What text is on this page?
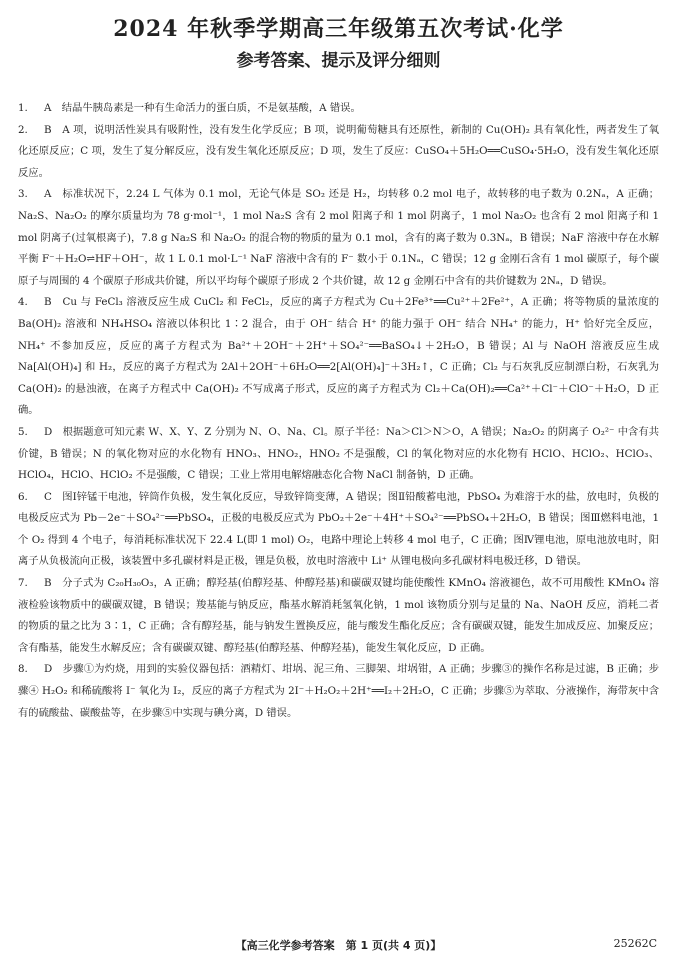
2024 年秋季学期高三年级第五次考试·化学
参考答案、提示及评分细则

1. A　结晶牛胰岛素是一种有生命活力的蛋白质，不是氨基酸，A 错误。

2. B　A 项，说明活性炭具有吸附性，没有发生化学反应；B 项，说明葡萄糖具有还原性，新制的 Cu(OH)₂ 具有氧化性，两者发生了氧化还原反应；C 项，发生了复分解反应，没有发生氧化还原反应；D 项，发生了反应：CuSO₄＋5H₂O══CuSO₄·5H₂O，没有发生氧化还原反应。

3. A　标准状况下，2.24 L 气体为 0.1 mol，无论气体是 SO₂ 还是 H₂，均转移 0.2 mol 电子，故转移的电子数为 0.2Nₐ，A 正确；Na₂S、Na₂O₂ 的摩尔质量均为 78 g·mol⁻¹，1 mol Na₂S 含有 2 mol 阳离子和 1 mol 阴离子，1 mol Na₂O₂ 也含有 2 mol 阳离子和 1 mol 阴离子(过氧根离子)，7.8 g Na₂S 和 Na₂O₂ 的混合物的物质的量为 0.1 mol，含有的离子数为 0.3Nₐ，B 错误；NaF 溶液中存在水解平衡 F⁻＋H₂O⇌HF＋OH⁻，故 1 L 0.1 mol·L⁻¹ NaF 溶液中含有的 F⁻ 数小于 0.1Nₐ，C 错误；12 g 金刚石含有 1 mol 碳原子，每个碳原子与周围的 4 个碳原子形成共价键，所以平均每个碳原子形成 2 个共价键，故 12 g 金刚石中含有的共价键数为 2Nₐ，D 错误。

4. B　Cu 与 FeCl₃ 溶液反应生成 CuCl₂ 和 FeCl₂，反应的离子方程式为 Cu＋2Fe³⁺══Cu²⁺＋2Fe²⁺，A 正确；将等物质的量浓度的 Ba(OH)₂ 溶液和 NH₄HSO₄ 溶液以体积比 1∶2 混合，由于 OH⁻ 结合 H⁺ 的能力强于 OH⁻ 结合 NH₄⁺ 的能力，H⁺ 恰好完全反应，NH₄⁺ 不参加反应，反应的离子方程式为 Ba²⁺＋2OH⁻＋2H⁺＋SO₄²⁻══BaSO₄↓＋2H₂O，B 错误；Al 与 NaOH 溶液反应生成 Na[Al(OH)₄] 和 H₂，反应的离子方程式为 2Al＋2OH⁻＋6H₂O══2[Al(OH)₄]⁻＋3H₂↑，C 正确；Cl₂ 与石灰乳反应制漂白粉，石灰乳为 Ca(OH)₂ 的悬浊液，在离子方程式中 Ca(OH)₂ 不写成离子形式，反应的离子方程式为 Cl₂＋Ca(OH)₂══Ca²⁺＋Cl⁻＋ClO⁻＋H₂O，D 正确。

5. D　根据题意可知元素 W、X、Y、Z 分别为 N、O、Na、Cl。原子半径：Na＞Cl＞N＞O，A 错误；Na₂O₂ 的阴离子 O₂²⁻ 中含有共价键，B 错误；N 的氧化物对应的水化物有 HNO₃、HNO₂，HNO₂ 不是强酸，Cl 的氧化物对应的水化物有 HClO、HClO₂、HClO₃、HClO₄，HClO、HClO₂ 不是强酸，C 错误；工业上常用电解熔融态化合物 NaCl 制备钠，D 正确。

6. C　图Ⅰ锌锰干电池，锌筒作负极，发生氧化反应，导致锌筒变薄，A 错误；图Ⅱ铅酸蓄电池，PbSO₄ 为难溶于水的盐，放电时，负极的电极反应式为 Pb－2e⁻＋SO₄²⁻══PbSO₄，正极的电极反应式为 PbO₂＋2e⁻＋4H⁺＋SO₄²⁻══PbSO₄＋2H₂O，B 错误；图Ⅲ燃料电池，1 个 O₂ 得到 4 个电子，每消耗标准状况下 22.4 L(即 1 mol) O₂，电路中理论上转移 4 mol 电子，C 正确；图Ⅳ锂电池，原电池放电时，阳离子从负极流向正极，该装置中多孔碳材料是正极，锂是负极，放电时溶液中 Li⁺ 从锂电极向多孔碳材料电极迁移，D 错误。

7. B　分子式为 C₂₀H₃₀O₃，A 正确；醇羟基(伯醇羟基、仲醇羟基)和碳碳双键均能使酸性 KMnO₄ 溶液褪色，故不可用酸性 KMnO₄ 溶液检验该物质中的碳碳双键，B 错误；羧基能与钠反应，酯基水解消耗氢氧化钠，1 mol 该物质分别与足量的 Na、NaOH 反应，消耗二者的物质的量之比为 3∶1，C 正确；含有醇羟基，能与钠发生置换反应，能与酸发生酯化反应；含有碳碳双键，能发生加成反应、加聚反应；含有酯基，能发生水解反应；含有碳碳双键、醇羟基(伯醇羟基、仲醇羟基)，能发生氧化反应，D 正确。

8. D　步骤①为灼烧，用到的实验仪器包括：酒精灯、坩埚、泥三角、三脚架、坩埚钳，A 正确；步骤③的操作名称是过滤，B 正确；步骤④ H₂O₂ 和稀硫酸将 I⁻ 氧化为 I₂，反应的离子方程式为 2I⁻＋H₂O₂＋2H⁺══I₂＋2H₂O，C 正确；步骤⑤为萃取、分液操作，海带灰中含有的硫酸盐、碳酸盐等，在步骤⑤中实现与碘分离，D 错误。

【高三化学参考答案　第 1 页(共 4 页)】	25262C
